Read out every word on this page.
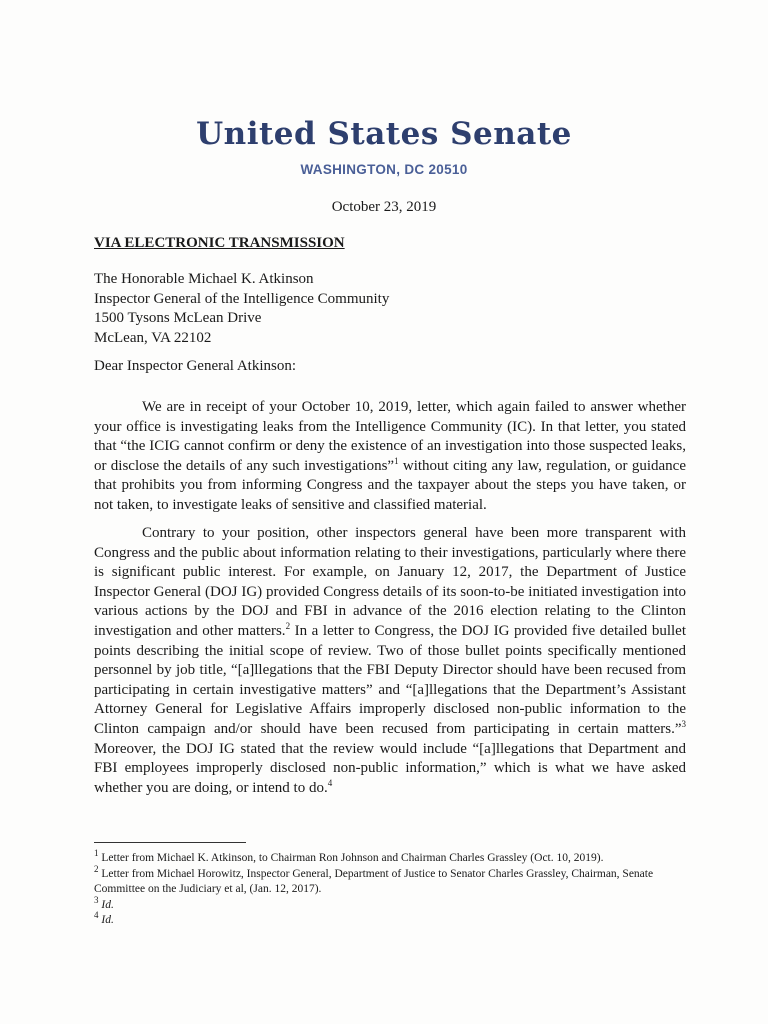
United States Senate
WASHINGTON, DC 20510
October 23, 2019
VIA ELECTRONIC TRANSMISSION
The Honorable Michael K. Atkinson
Inspector General of the Intelligence Community
1500 Tysons McLean Drive
McLean, VA 22102
Dear Inspector General Atkinson:

We are in receipt of your October 10, 2019, letter, which again failed to answer whether your office is investigating leaks from the Intelligence Community (IC). In that letter, you stated that “the ICIG cannot confirm or deny the existence of an investigation into those suspected leaks, or disclose the details of any such investigations”$^1$ without citing any law, regulation, or guidance that prohibits you from informing Congress and the taxpayer about the steps you have taken, or not taken, to investigate leaks of sensitive and classified material.

Contrary to your position, other inspectors general have been more transparent with Congress and the public about information relating to their investigations, particularly where there is significant public interest. For example, on January 12, 2017, the Department of Justice Inspector General (DOJ IG) provided Congress details of its soon-to-be initiated investigation into various actions by the DOJ and FBI in advance of the 2016 election relating to the Clinton investigation and other matters.$^2$ In a letter to Congress, the DOJ IG provided five detailed bullet points describing the initial scope of review. Two of those bullet points specifically mentioned personnel by job title, “[a]llegations that the FBI Deputy Director should have been recused from participating in certain investigative matters” and “[a]llegations that the Department’s Assistant Attorney General for Legislative Affairs improperly disclosed non-public information to the Clinton campaign and/or should have been recused from participating in certain matters.”$^3$ Moreover, the DOJ IG stated that the review would include “[a]llegations that Department and FBI employees improperly disclosed non-public information,” which is what we have asked whether you are doing, or intend to do.$^4$

$^1$ Letter from Michael K. Atkinson, to Chairman Ron Johnson and Chairman Charles Grassley (Oct. 10, 2019).

$^2$ Letter from Michael Horowitz, Inspector General, Department of Justice to Senator Charles Grassley, Chairman, Senate Committee on the Judiciary et al, (Jan. 12, 2017).

$^3$ Id.

$^4$ Id.
